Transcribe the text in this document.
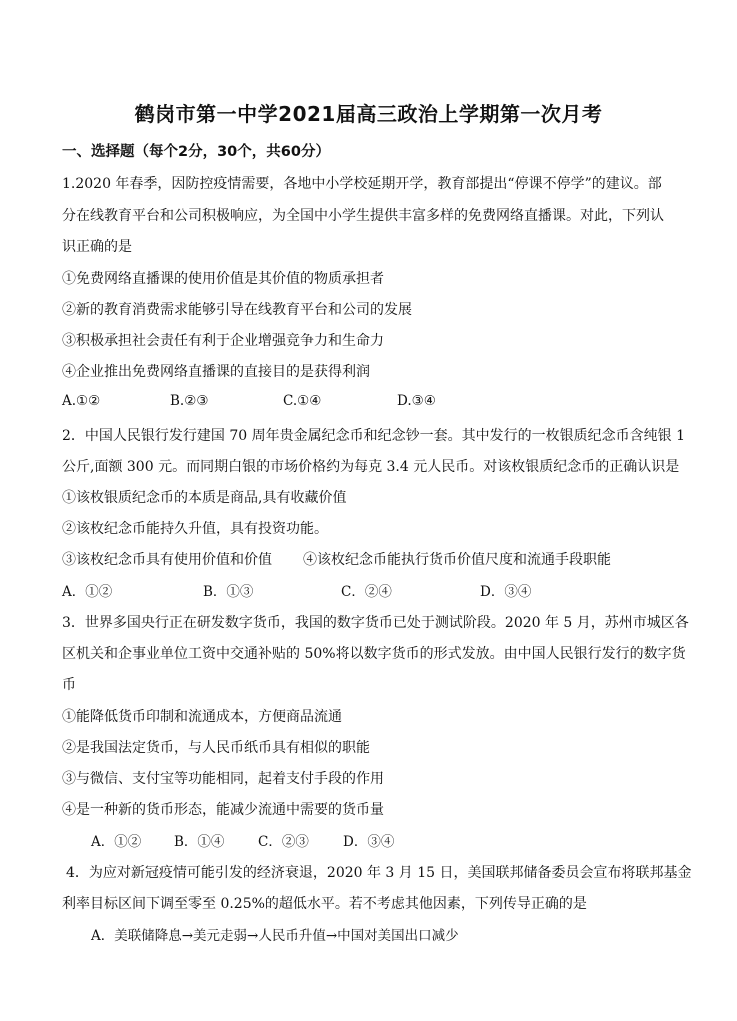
鹤岗市第一中学2021届高三政治上学期第一次月考
一、选择题（每个2分，30个，共60分）
1.2020 年春季，因防控疫情需要，各地中小学校延期开学，教育部提出“停课不停学”的建议。部
分在线教育平台和公司积极响应，为全国中小学生提供丰富多样的免费网络直播课。对此，下列认
识正确的是
①免费网络直播课的使用价值是其价值的物质承担者
②新的教育消费需求能够引导在线教育平台和公司的发展
③积极承担社会责任有利于企业增强竞争力和生命力
④企业推出免费网络直播课的直接目的是获得利润
A.①②	B.②③	C.①④	D.③④
2．中国人民银行发行建国 70 周年贵金属纪念币和纪念钞一套。其中发行的一枚银质纪念币含纯银 1
公斤,面额 300 元。而同期白银的市场价格约为每克 3.4 元人民币。对该枚银质纪念币的正确认识是
①该枚银质纪念币的本质是商品,具有收藏价值
②该枚纪念币能持久升值，具有投资功能。
③该枚纪念币具有使用价值和价值 ④该枚纪念币能执行货币价值尺度和流通手段职能
A．①②	B．①③	C．②④	D．③④
3．世界多国央行正在研发数字货币，我国的数字货币已处于测试阶段。2020 年 5 月，苏州市城区各
区机关和企事业单位工资中交通补贴的 50%将以数字货币的形式发放。由中国人民银行发行的数字货
币
①能降低货币印制和流通成本，方便商品流通
②是我国法定货币，与人民币纸币具有相似的职能
③与微信、支付宝等功能相同，起着支付手段的作用
④是一种新的货币形态，能减少流通中需要的货币量
A．①② B．①④ C．②③	D．③④
4．为应对新冠疫情可能引发的经济衰退，2020 年 3 月 15 日，美国联邦储备委员会宣布将联邦基金
利率目标区间下调至零至 0.25%的超低水平。若不考虑其他因素，下列传导正确的是
A．美联储降息→美元走弱→人民币升值→中国对美国出口减少
